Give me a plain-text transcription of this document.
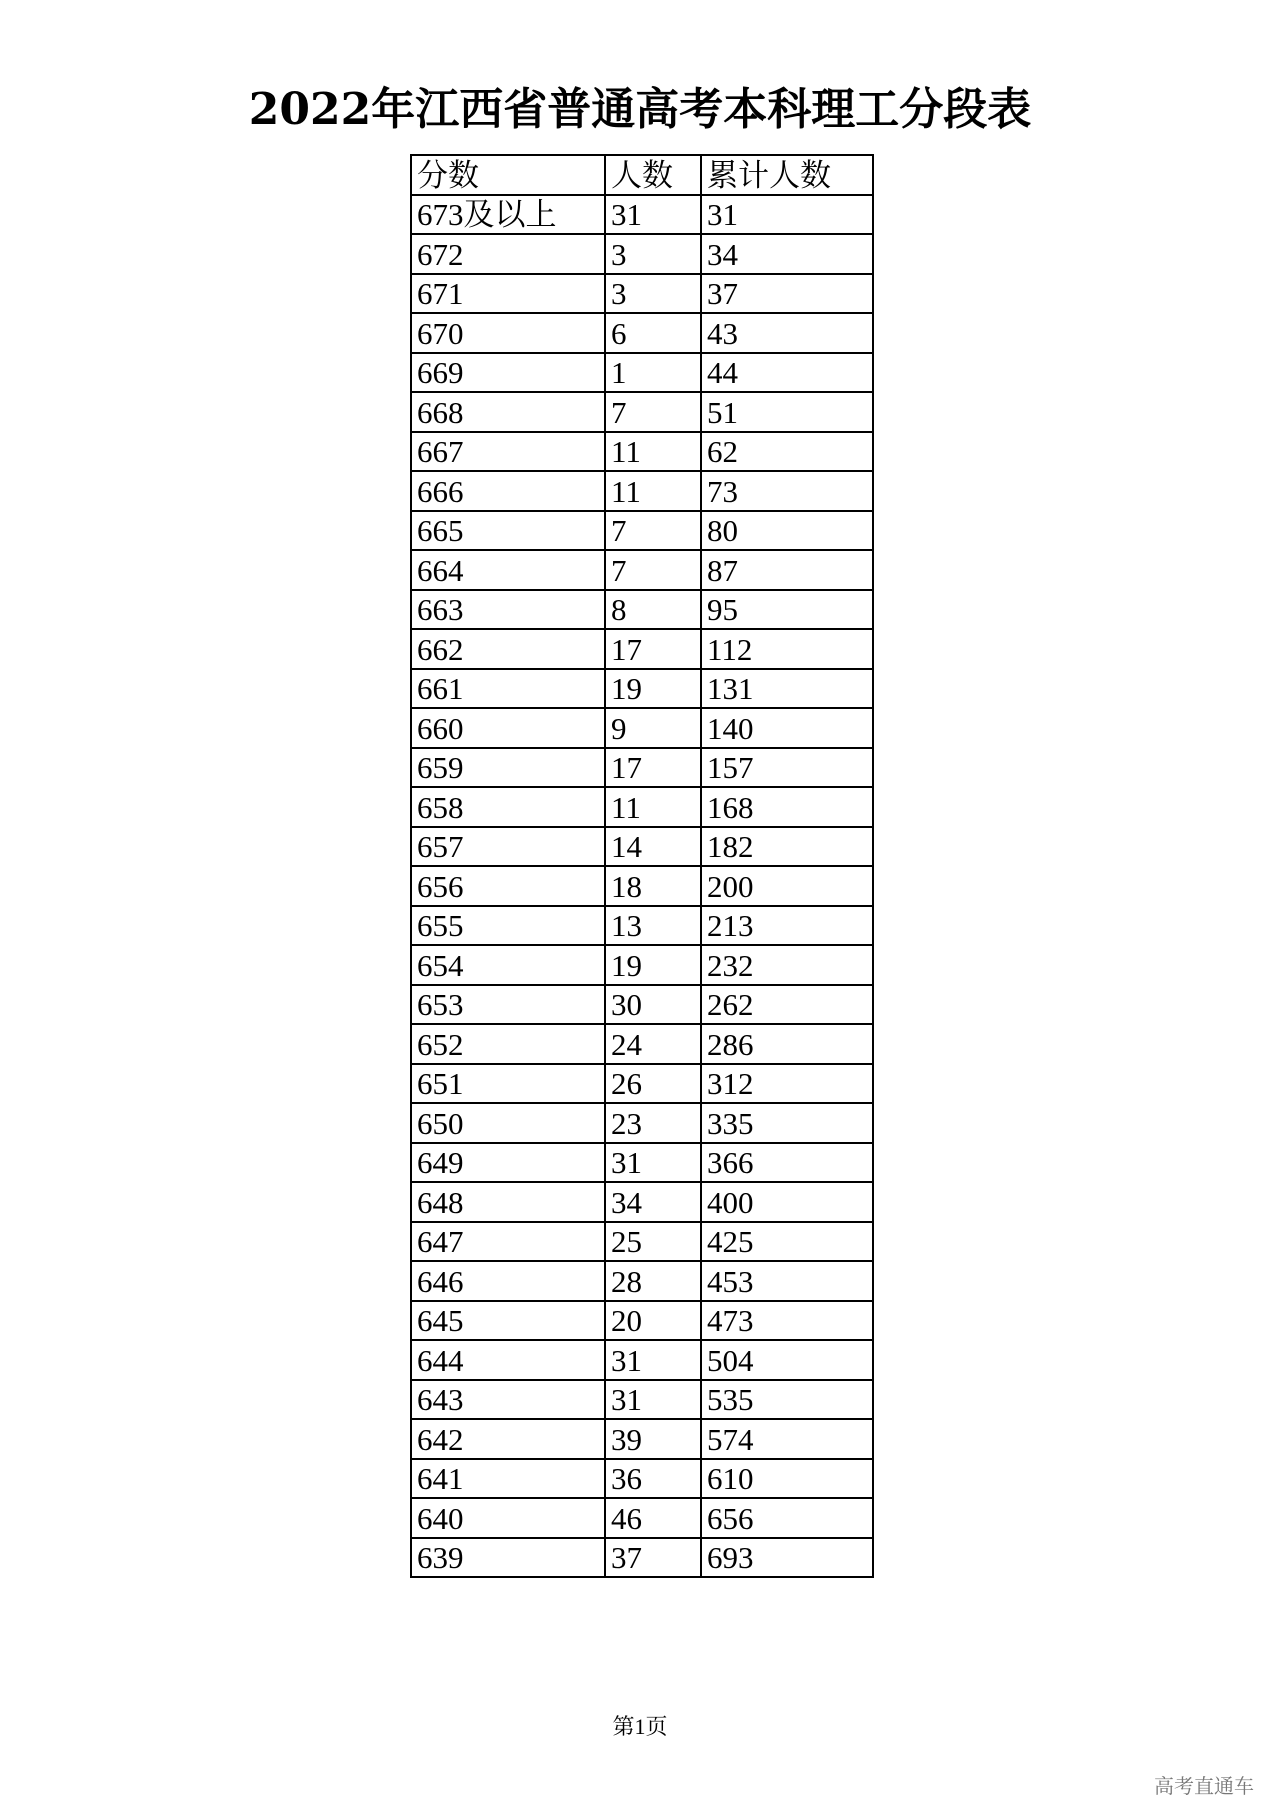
2022年江西省普通高考本科理工分段表
分数	人数	累计人数
673及以上	31	31
672	3	34
671	3	37
670	6	43
669	1	44
668	7	51
667	11	62
666	11	73
665	7	80
664	7	87
663	8	95
662	17	112
661	19	131
660	9	140
659	17	157
658	11	168
657	14	182
656	18	200
655	13	213
654	19	232
653	30	262
652	24	286
651	26	312
650	23	335
649	31	366
648	34	400
647	25	425
646	28	453
645	20	473
644	31	504
643	31	535
642	39	574
641	36	610
640	46	656
639	37	693
第1页
高考直通车
